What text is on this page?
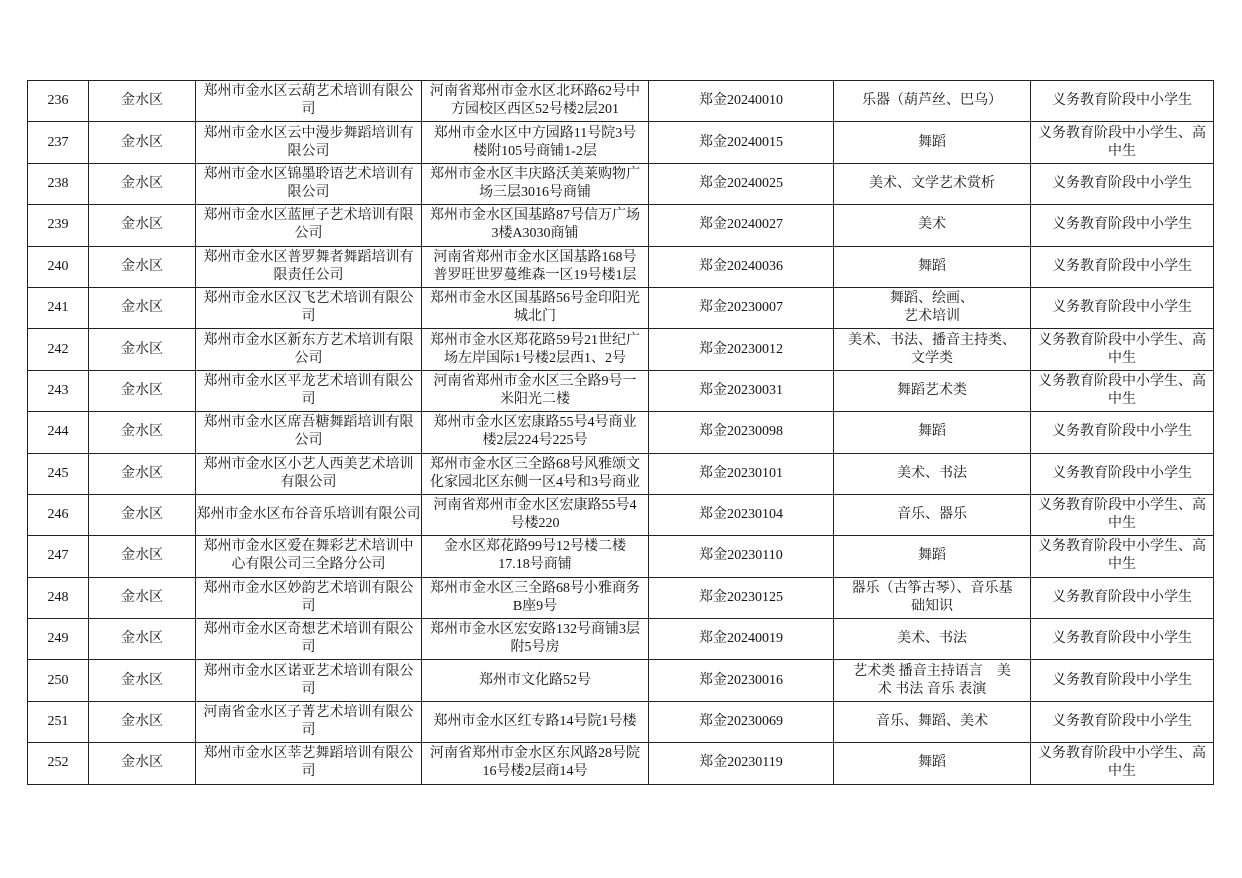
236	金水区	郑州市金水区云葫艺术培训有限公
司	河南省郑州市金水区北环路62号中
方园校区西区52号楼2层201	郑金20240010	乐器（葫芦丝、巴乌）	义务教育阶段中小学生
237	金水区	郑州市金水区云中漫步舞蹈培训有
限公司	郑州市金水区中方园路11号院3号
楼附105号商铺1-2层	郑金20240015	舞蹈	义务教育阶段中小学生、高
中生
238	金水区	郑州市金水区锦墨聆语艺术培训有
限公司	郑州市金水区丰庆路沃美莱购物广
场三层3016号商铺	郑金20240025	美术、文学艺术赏析	义务教育阶段中小学生
239	金水区	郑州市金水区蓝匣子艺术培训有限
公司	郑州市金水区国基路87号信万广场
3楼A3030商铺	郑金20240027	美术	义务教育阶段中小学生
240	金水区	郑州市金水区普罗舞者舞蹈培训有
限责任公司	河南省郑州市金水区国基路168号
普罗旺世罗蔓维森一区19号楼1层	郑金20240036	舞蹈	义务教育阶段中小学生
241	金水区	郑州市金水区汉飞艺术培训有限公
司	郑州市金水区国基路56号金印阳光
城北门	郑金20230007	舞蹈、绘画、
艺术培训	义务教育阶段中小学生
242	金水区	郑州市金水区新东方艺术培训有限
公司	郑州市金水区郑花路59号21世纪广
场左岸国际1号楼2层西1、2号	郑金20230012	美术、书法、播音主持类、
文学类	义务教育阶段中小学生、高
中生
243	金水区	郑州市金水区平龙艺术培训有限公
司	河南省郑州市金水区三全路9号一
米阳光二楼	郑金20230031	舞蹈艺术类	义务教育阶段中小学生、高
中生
244	金水区	郑州市金水区席吾糖舞蹈培训有限
公司	郑州市金水区宏康路55号4号商业
楼2层224号225号	郑金20230098	舞蹈	义务教育阶段中小学生
245	金水区	郑州市金水区小艺人西美艺术培训
有限公司	郑州市金水区三全路68号风雅颂文
化家园北区东侧一区4号和3号商业	郑金20230101	美术、书法	义务教育阶段中小学生
246	金水区	郑州市金水区布谷音乐培训有限公司	河南省郑州市金水区宏康路55号4
号楼220	郑金20230104	音乐、器乐	义务教育阶段中小学生、高
中生
247	金水区	郑州市金水区爱在舞彩艺术培训中
心有限公司三全路分公司	金水区郑花路99号12号楼二楼
17.18号商铺	郑金20230110	舞蹈	义务教育阶段中小学生、高
中生
248	金水区	郑州市金水区妙韵艺术培训有限公
司	郑州市金水区三全路68号小雅商务
B座9号	郑金20230125	器乐（古筝古琴）、音乐基
础知识	义务教育阶段中小学生
249	金水区	郑州市金水区奇想艺术培训有限公
司	郑州市金水区宏安路132号商铺3层
附5号房	郑金20240019	美术、书法	义务教育阶段中小学生
250	金水区	郑州市金水区诺亚艺术培训有限公
司	郑州市文化路52号	郑金20230016	艺术类 播音主持语言　美
术 书法 音乐 表演	义务教育阶段中小学生
251	金水区	河南省金水区子菁艺术培训有限公
司	郑州市金水区红专路14号院1号楼	郑金20230069	音乐、舞蹈、美术	义务教育阶段中小学生
252	金水区	郑州市金水区莘艺舞蹈培训有限公
司	河南省郑州市金水区东风路28号院
16号楼2层商14号	郑金20230119	舞蹈	义务教育阶段中小学生、高
中生
